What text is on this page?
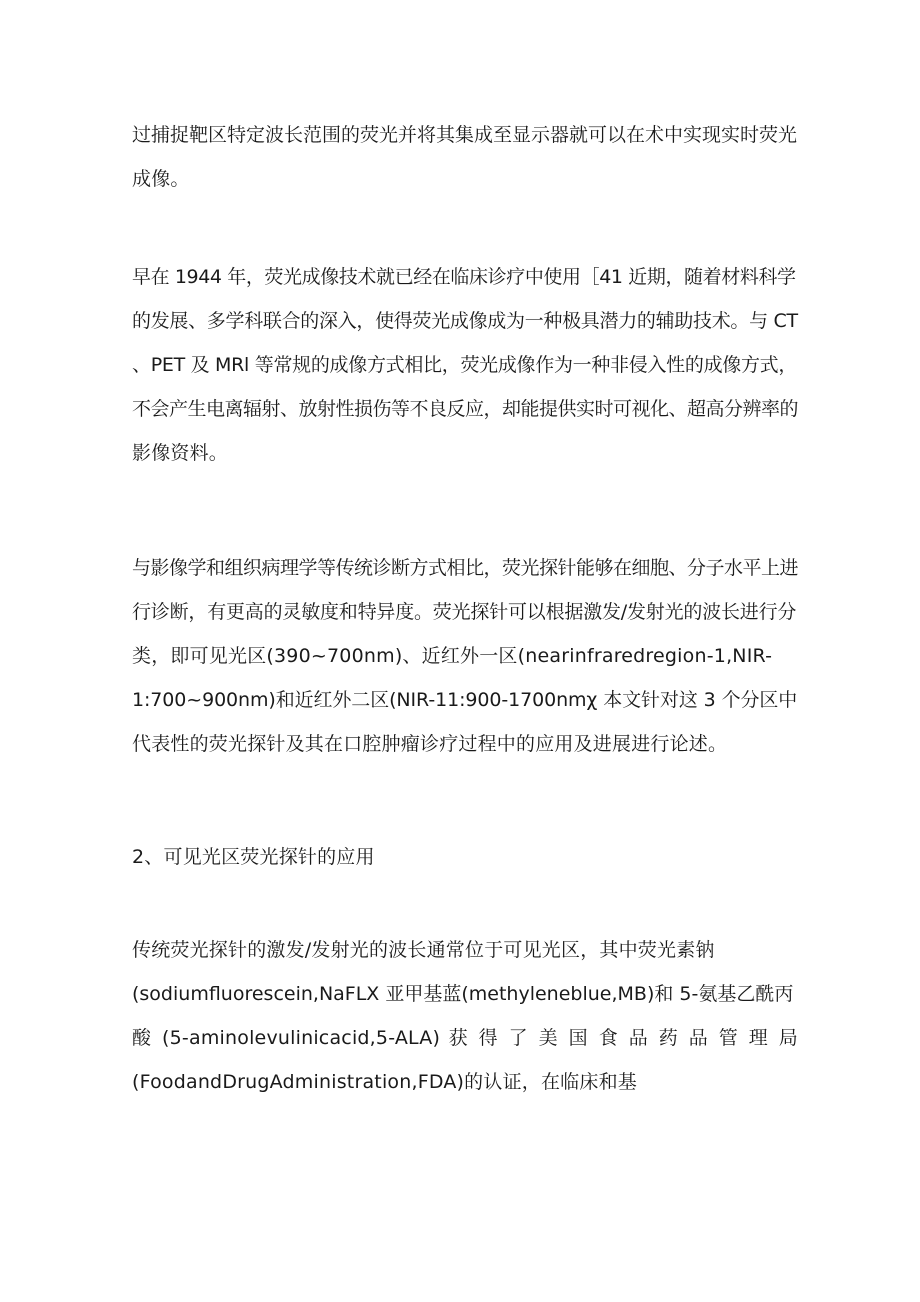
过捕捉靶区特定波长范围的荧光并将其集成至显示器就可以在术中实现实时荧光
成像。
早在 1944 年，荧光成像技术就已经在临床诊疗中使用［41 近期，随着材料科学
的发展、多学科联合的深入，使得荧光成像成为一种极具潜力的辅助技术。与 CT
、PET 及 MRl 等常规的成像方式相比，荧光成像作为一种非侵入性的成像方式，
不会产生电离辐射、放射性损伤等不良反应，却能提供实时可视化、超高分辨率的
影像资料。
与影像学和组织病理学等传统诊断方式相比，荧光探针能够在细胞、分子水平上进
行诊断，有更高的灵敏度和特异度。荧光探针可以根据激发/发射光的波长进行分
类，即可见光区(390~700nm)、近红外一区(nearinfraredregion-1,NIR-
1:700~900nm)和近红外二区(NIR-11:900-1700nmχ 本文针对这 3 个分区中
代表性的荧光探针及其在口腔肿瘤诊疗过程中的应用及进展进行论述。
2、可见光区荧光探针的应用
传统荧光探针的激发/发射光的波长通常位于可见光区，其中荧光素钠
(sodiumfluorescein,NaFLX 亚甲基蓝(methyleneblue,MB)和 5-氨基乙酰丙
酸 (5-aminolevulinicacid,5-ALA) 获 得 了 美 国 食 品 药 品 管 理 局
(FoodandDrugAdministration,FDA)的认证，在临床和基
